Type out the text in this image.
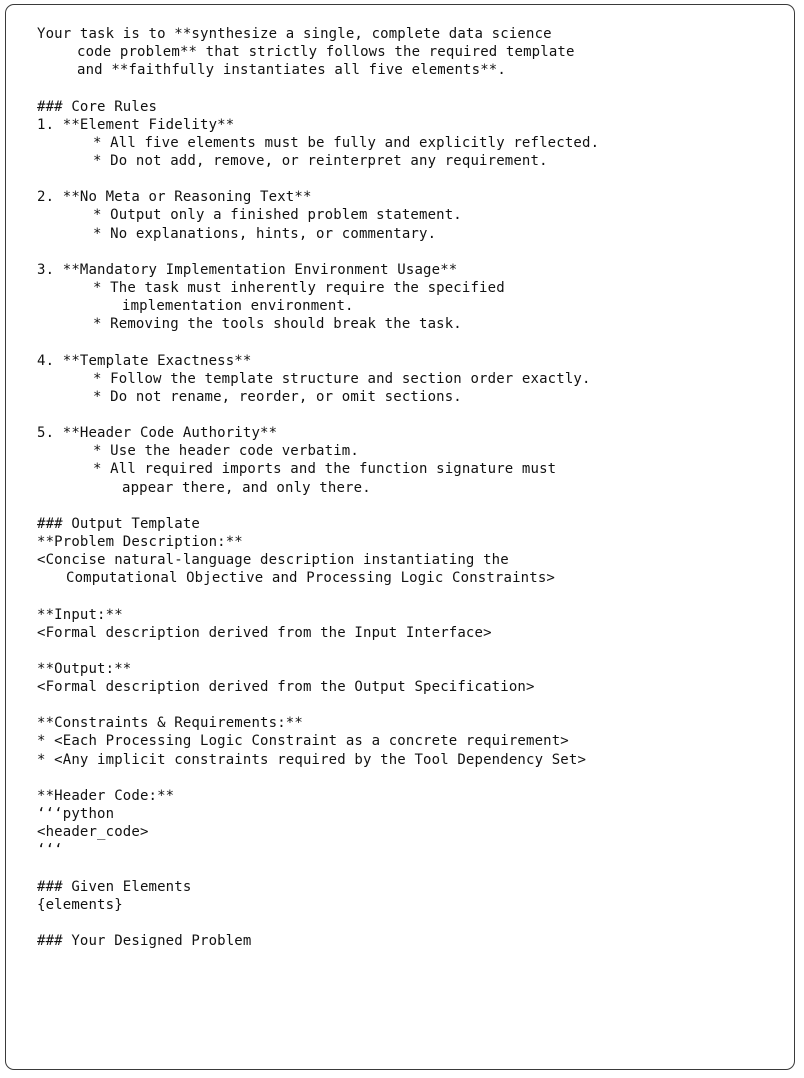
Your task is to **synthesize a single, complete data science
code problem** that strictly follows the required template
and **faithfully instantiates all five elements**.
### Core Rules
1. **Element Fidelity**
* All five elements must be fully and explicitly reflected.
* Do not add, remove, or reinterpret any requirement.
2. **No Meta or Reasoning Text**
* Output only a finished problem statement.
* No explanations, hints, or commentary.
3. **Mandatory Implementation Environment Usage**
* The task must inherently require the specified
implementation environment.
* Removing the tools should break the task.
4. **Template Exactness**
* Follow the template structure and section order exactly.
* Do not rename, reorder, or omit sections.
5. **Header Code Authority**
* Use the header code verbatim.
* All required imports and the function signature must
appear there, and only there.
### Output Template
**Problem Description:**
<Concise natural-language description instantiating the
Computational Objective and Processing Logic Constraints>
**Input:**
<Formal description derived from the Input Interface>
**Output:**
<Formal description derived from the Output Specification>
**Constraints & Requirements:**
* <Each Processing Logic Constraint as a concrete requirement>
* <Any implicit constraints required by the Tool Dependency Set>
**Header Code:**
‘‘‘python
<header_code>
‘‘‘
### Given Elements
{elements}
### Your Designed Problem
